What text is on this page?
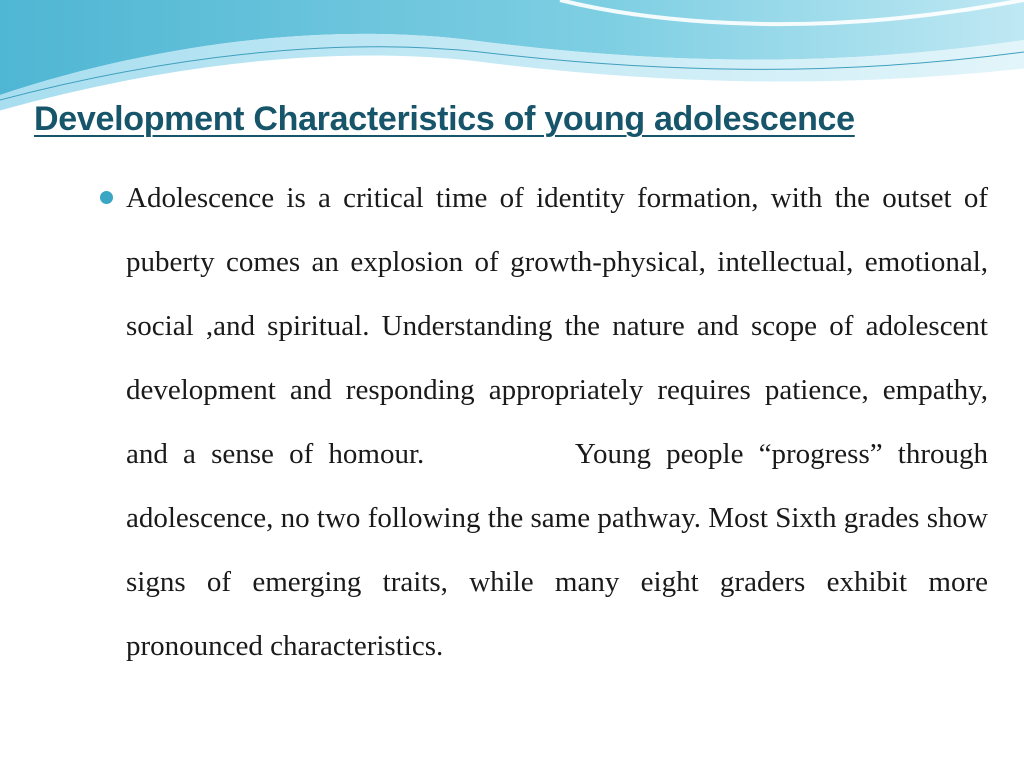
Development Characteristics of young adolescence
Adolescence is a critical time of identity formation, with the outset of puberty comes an explosion of growth-physical, intellectual, emotional, social ,and spiritual. Understanding the nature and scope of adolescent development and responding appropriately requires patience, empathy, and a sense of homour.          Young people “progress” through adolescence, no two following the same pathway. Most Sixth grades show signs of emerging traits, while many eight graders exhibit more pronounced characteristics.
